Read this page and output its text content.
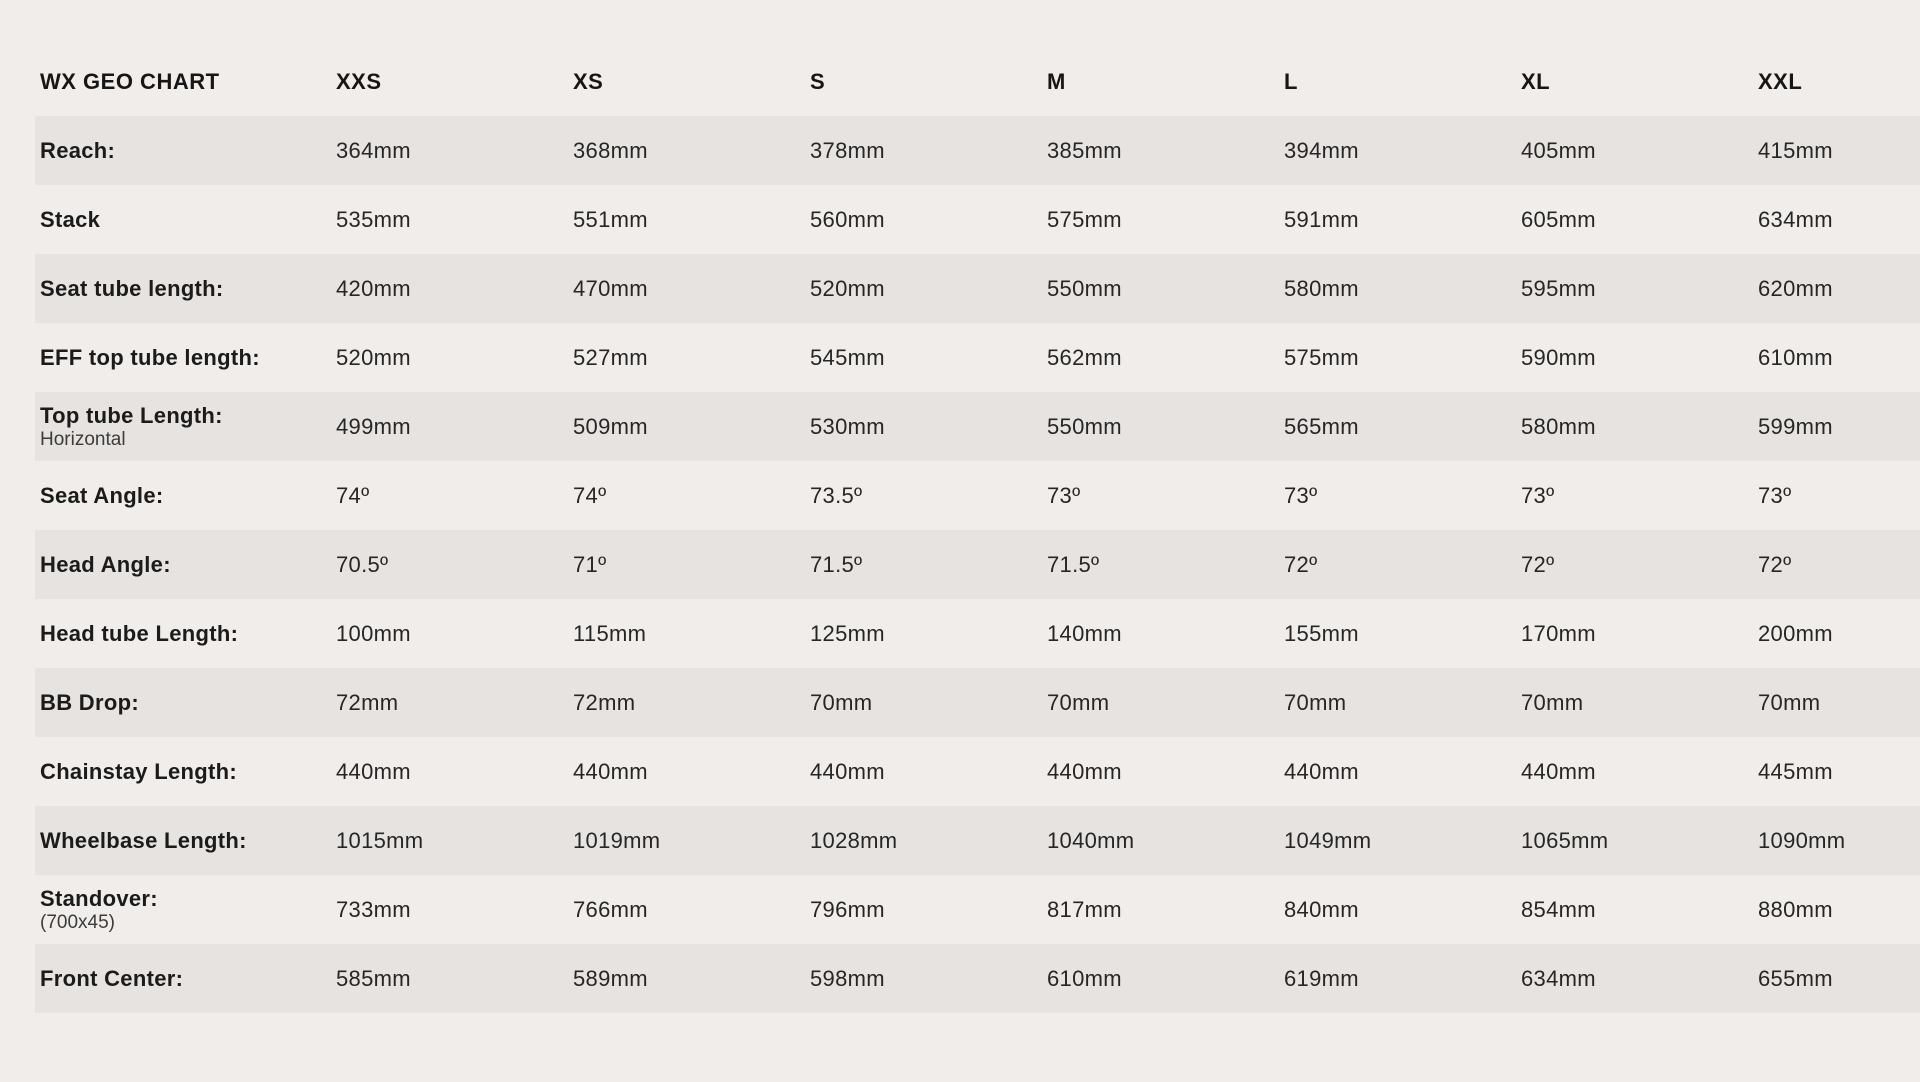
WX GEO CHART	XXS	XS	S	M	L	XL	XXL
Reach:	364mm	368mm	378mm	385mm	394mm	405mm	415mm
Stack	535mm	551mm	560mm	575mm	591mm	605mm	634mm
Seat tube length:	420mm	470mm	520mm	550mm	580mm	595mm	620mm
EFF top tube length:	520mm	527mm	545mm	562mm	575mm	590mm	610mm
Top tube Length:
Horizontal	499mm	509mm	530mm	550mm	565mm	580mm	599mm
Seat Angle:	74º	74º	73.5º	73º	73º	73º	73º
Head Angle:	70.5º	71º	71.5º	71.5º	72º	72º	72º
Head tube Length:	100mm	115mm	125mm	140mm	155mm	170mm	200mm
BB Drop:	72mm	72mm	70mm	70mm	70mm	70mm	70mm
Chainstay Length:	440mm	440mm	440mm	440mm	440mm	440mm	445mm
Wheelbase Length:	1015mm	1019mm	1028mm	1040mm	1049mm	1065mm	1090mm
Standover:
(700x45)	733mm	766mm	796mm	817mm	840mm	854mm	880mm
Front Center:	585mm	589mm	598mm	610mm	619mm	634mm	655mm
